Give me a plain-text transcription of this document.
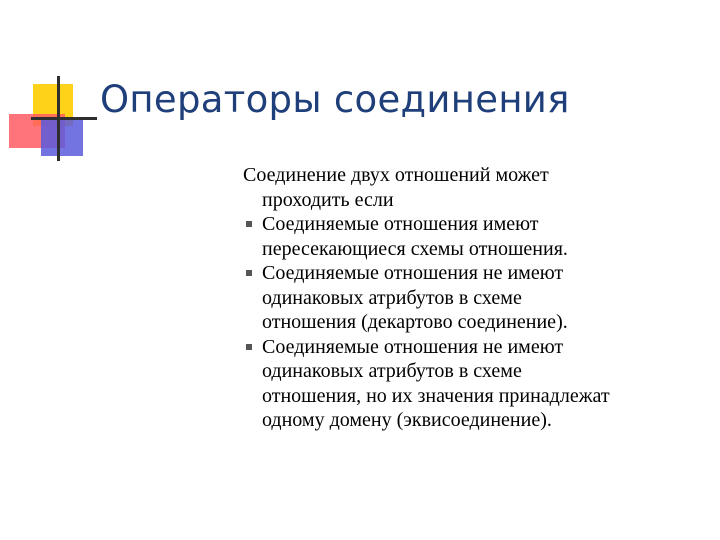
Операторы соединения

Соединение двух отношений может
проходить если

Соединяемые отношения имеют
пересекающиеся схемы отношения.
Соединяемые отношения не имеют
одинаковых атрибутов в схеме
отношения (декартово соединение).
Соединяемые отношения не имеют
одинаковых атрибутов в схеме
отношения, но их значения принадлежат
одному домену (эквисоединение).
